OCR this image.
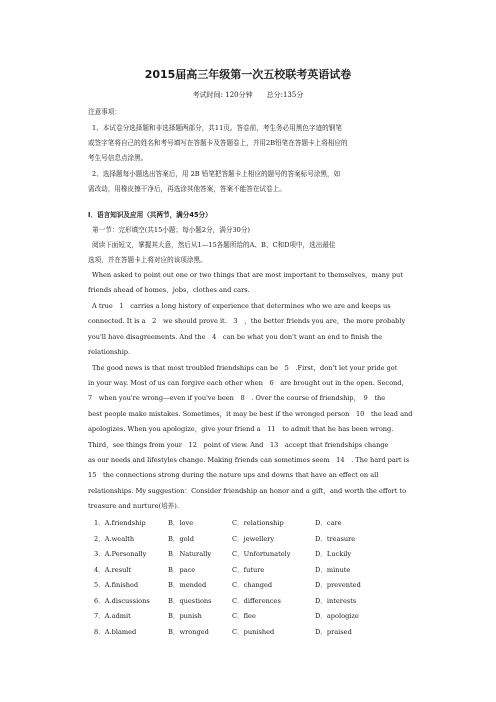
2015届高三年级第一次五校联考英语试卷
考试时间: 120分钟　　总分:135分
注意事项：
1、本试卷分选择题和非选择题两部分，共11页。答卷前，考生务必用黑色字迹的钢笔
或签字笔将自己的姓名和考号填写在答题卡及答题卷上，并用2B铅笔在答题卡上将相应的
考生号信息点涂黑。
2、选择题每小题选出答案后，用 2B 铅笔把答题卡上相应的题号的答案标号涂黑，如
需改动，用橡皮擦干净后，再选涂其他答案，答案不能答在试卷上。
I．语言知识及应用（共两节，满分45分）
第一节：完形填空(共15小题；每小题2分，满分30分)
阅读下面短文，掌握其大意，然后从1—15各题所给的A、B、C和D项中，选出最佳
选项，并在答题卡上将对应的该项涂黑。
When asked to point out one or two things that are most important to themselves，many put
friends ahead of homes，jobs，clothes and cars.
A true　1　carries a long history of experience that determines who we are and keeps us
connected. It is a　2　we should prove it.　3　，the better friends you are，the more probably
you'll have disagreements. And the　4　can be what you don't want an end to finish the
relationship.
The good news is that most troubled friendships can be　5　.First，don't let your pride get
in your way. Most of us can forgive each other when　6　are brought out in the open. Second，
7　when you're wrong—even if you've been　8　. Over the course of friendship，　9　the
best people make mistakes. Sometimes，it may be best if the wronged person　10　the lead and
apologizes. When you apologize，give your friend a　11　to admit that he has been wrong.
Third，see things from your　12　point of view. And　13　accept that friendships change
as our needs and lifestyles change. Making friends can sometimes seem　14　. The hard part is
15　the connections strong during the nature ups and downs that have an effect on all
relationships. My suggestion：Consider friendship an honor and a gift，and worth the effort to
treasure and nurture(培养).
1．A.friendship	B．love	C．relationship	D．care
2．A.wealth	B．gold	C．jewellery	D．treasure
3．A.Personally	B．Naturally	C．Unfortunately	D．Luckily
4．A.result	B．pace	C．future	D．minute
5．A.finished	B．mended	C．changed	D．prevented
6．A.discussions	B．questions	C．differences	D．interests
7．A.admit	B．punish	C．flee	D．apologize
8．A.blamed	B．wronged	C．punished	D．praised
